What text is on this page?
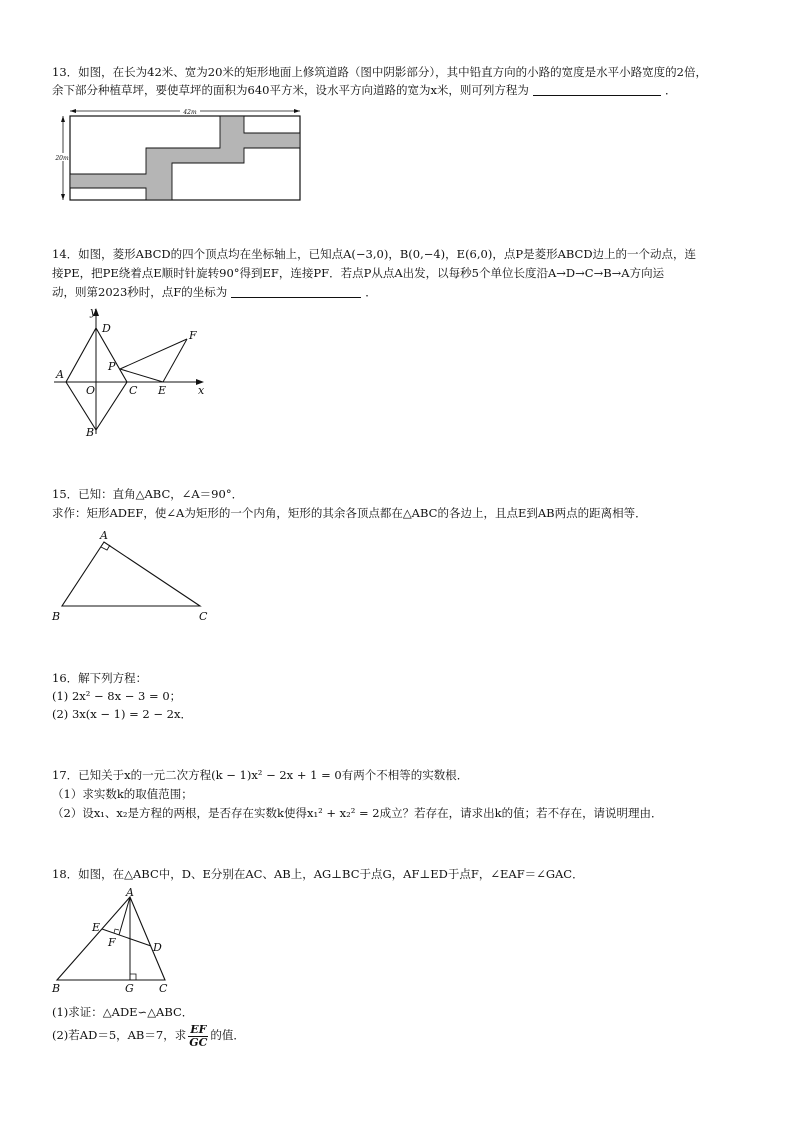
13．如图，在长为42米、宽为20米的矩形地面上修筑道路（图中阴影部分），其中铅直方向的小路的宽度是水平小路宽度的2倍，
余下部分种植草坪，要使草坪的面积为640平方米，设水平方向道路的宽为x米，则可列方程为	．
42m
20m
14．如图，菱形ABCD的四个顶点均在坐标轴上，已知点A(−3,0)，B(0,−4)，E(6,0)，点P是菱形ABCD边上的一个动点，连
接PE，把PE绕着点E顺时针旋转90°得到EF，连接PF．若点P从点A出发，以每秒5个单位长度沿A→D→C→B→A方向运
动，则第2023秒时，点F的坐标为	．
y
x
D
F
P
A
O	C E
B
15．已知：直角△ABC，∠A＝90°．
求作：矩形ADEF，使∠A为矩形的一个内角，矩形的其余各顶点都在△ABC的各边上，且点E到AB两点的距离相等．
A
B	C
16．解下列方程：
(1) 2x² − 8x − 3 = 0；
(2) 3x(x − 1) = 2 − 2x．
17．已知关于x的一元二次方程(k − 1)x² − 2x + 1 = 0有两个不相等的实数根．
（1）求实数k的取值范围；
（2）设x₁、x₂是方程的两根，是否存在实数k使得x₁² + x₂² = 2成立？若存在，请求出k的值；若不存在，请说明理由．
18．如图，在△ABC中，D、E分别在AC、AB上，AG⊥BC于点G，AF⊥ED于点F，∠EAF＝∠GAC．
A
E
F	D
B	G C
(1)求证：△ADE∽△ABC．
(2)若AD＝5，AB＝7，求 $\frac{EF}{GC}$ 的值．
